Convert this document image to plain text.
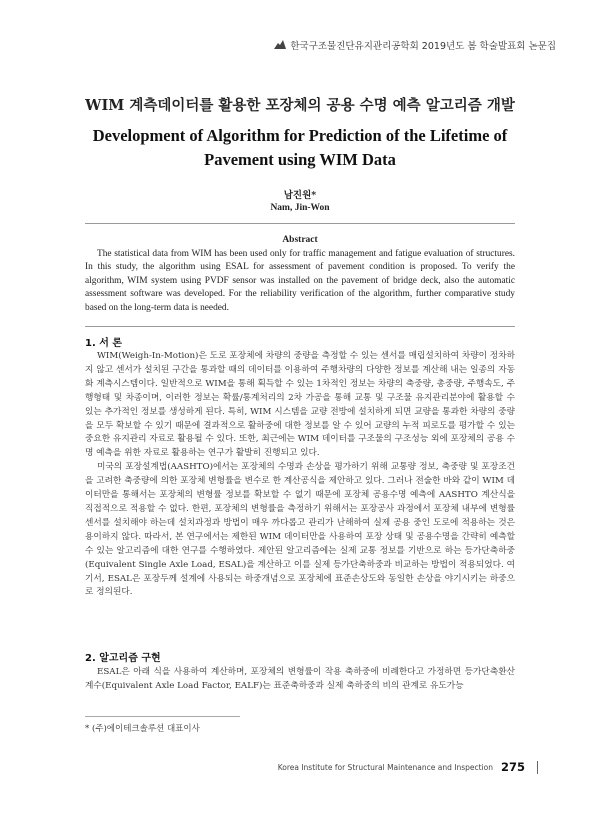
한국구조물진단유지관리공학회 2019년도 봄 학술발표회 논문집
WIM 계측데이터를 활용한 포장체의 공용 수명 예측 알고리즘 개발
Development of Algorithm for Prediction of the Lifetime of Pavement using WIM Data
남진원*
Nam, Jin-Won
Abstract
The statistical data from WIM has been used only for traffic management and fatigue evaluation of structures. In this study, the algorithm using ESAL for assessment of pavement condition is proposed. To verify the algorithm, WIM system using PVDF sensor was installed on the pavement of bridge deck, also the automatic assessment software was developed. For the reliability verification of the algorithm, further comparative study based on the long-term data is needed.
1. 서 론

WIM(Weigh-In-Motion)은 도로 포장체에 차량의 중량을 측정할 수 있는 센서를 매립설치하여 차량이 정차하지 않고 센서가 설치된 구간을 통과할 때의 데이터를 이용하여 주행차량의 다양한 정보를 계산해 내는 일종의 자동화 계측시스템이다. 일반적으로 WIM을 통해 획득할 수 있는 1차적인 정보는 차량의 축중량, 총중량, 주행속도, 주행형태 및 차종이며, 이러한 정보는 확률/통계처리의 2차 가공을 통해 교통 및 구조물 유지관리분야에 활용할 수 있는 추가적인 정보를 생성하게 된다. 특히, WIM 시스템을 교량 전방에 설치하게 되면 교량을 통과한 차량의 중량을 모두 확보할 수 있기 때문에 결과적으로 활하중에 대한 정보를 알 수 있어 교량의 누적 피로도를 평가할 수 있는 중요한 유지관리 자료로 활용될 수 있다. 또한, 최근에는 WIM 데이터를 구조물의 구조성능 외에 포장체의 공용 수명 예측을 위한 자료로 활용하는 연구가 활발히 진행되고 있다.

미국의 포장설계법(AASHTO)에서는 포장체의 수명과 손상을 평가하기 위해 교통량 정보, 축중량 및 포장조건을 고려한 축중량에 의한 포장체 변형률을 변수로 한 계산공식을 제안하고 있다. 그러나 전술한 바와 같이 WIM 데이터만을 통해서는 포장체의 변형률 정보를 확보할 수 없기 때문에 포장체 공용수명 예측에 AASHTO 계산식을 직접적으로 적용할 수 없다. 한편, 포장체의 변형률을 측정하기 위해서는 포장공사 과정에서 포장체 내부에 변형률 센서를 설치해야 하는데 설치과정과 방법이 매우 까다롭고 관리가 난해하여 실제 공용 중인 도로에 적용하는 것은 용이하지 않다. 따라서, 본 연구에서는 제한된 WIM 데이터만을 사용하여 포장 상태 및 공용수명을 간략히 예측할 수 있는 알고리즘에 대한 연구를 수행하였다. 제안된 알고리즘에는 실제 교통 정보를 기반으로 하는 등가단축하중(Equivalent Single Axle Load, ESAL)을 계산하고 이를 실제 등가단축하중과 비교하는 방법이 적용되었다. 여기서, ESAL은 포장두께 설계에 사용되는 하중개념으로 포장체에 표준손상도와 동일한 손상을 야기시키는 하중으로 정의된다.

2. 알고리즘 구현

ESAL은 아래 식을 사용하여 계산하며, 포장체의 변형률이 작용 축하중에 비례한다고 가정하면 등가단축환산계수(Equivalent Axle Load Factor, EALF)는 표준축하중과 실제 축하중의 비의 관계로 유도가능

* (주)에이테크솔루션 대표이사
Korea Institute for Structural Maintenance and Inspection 275
